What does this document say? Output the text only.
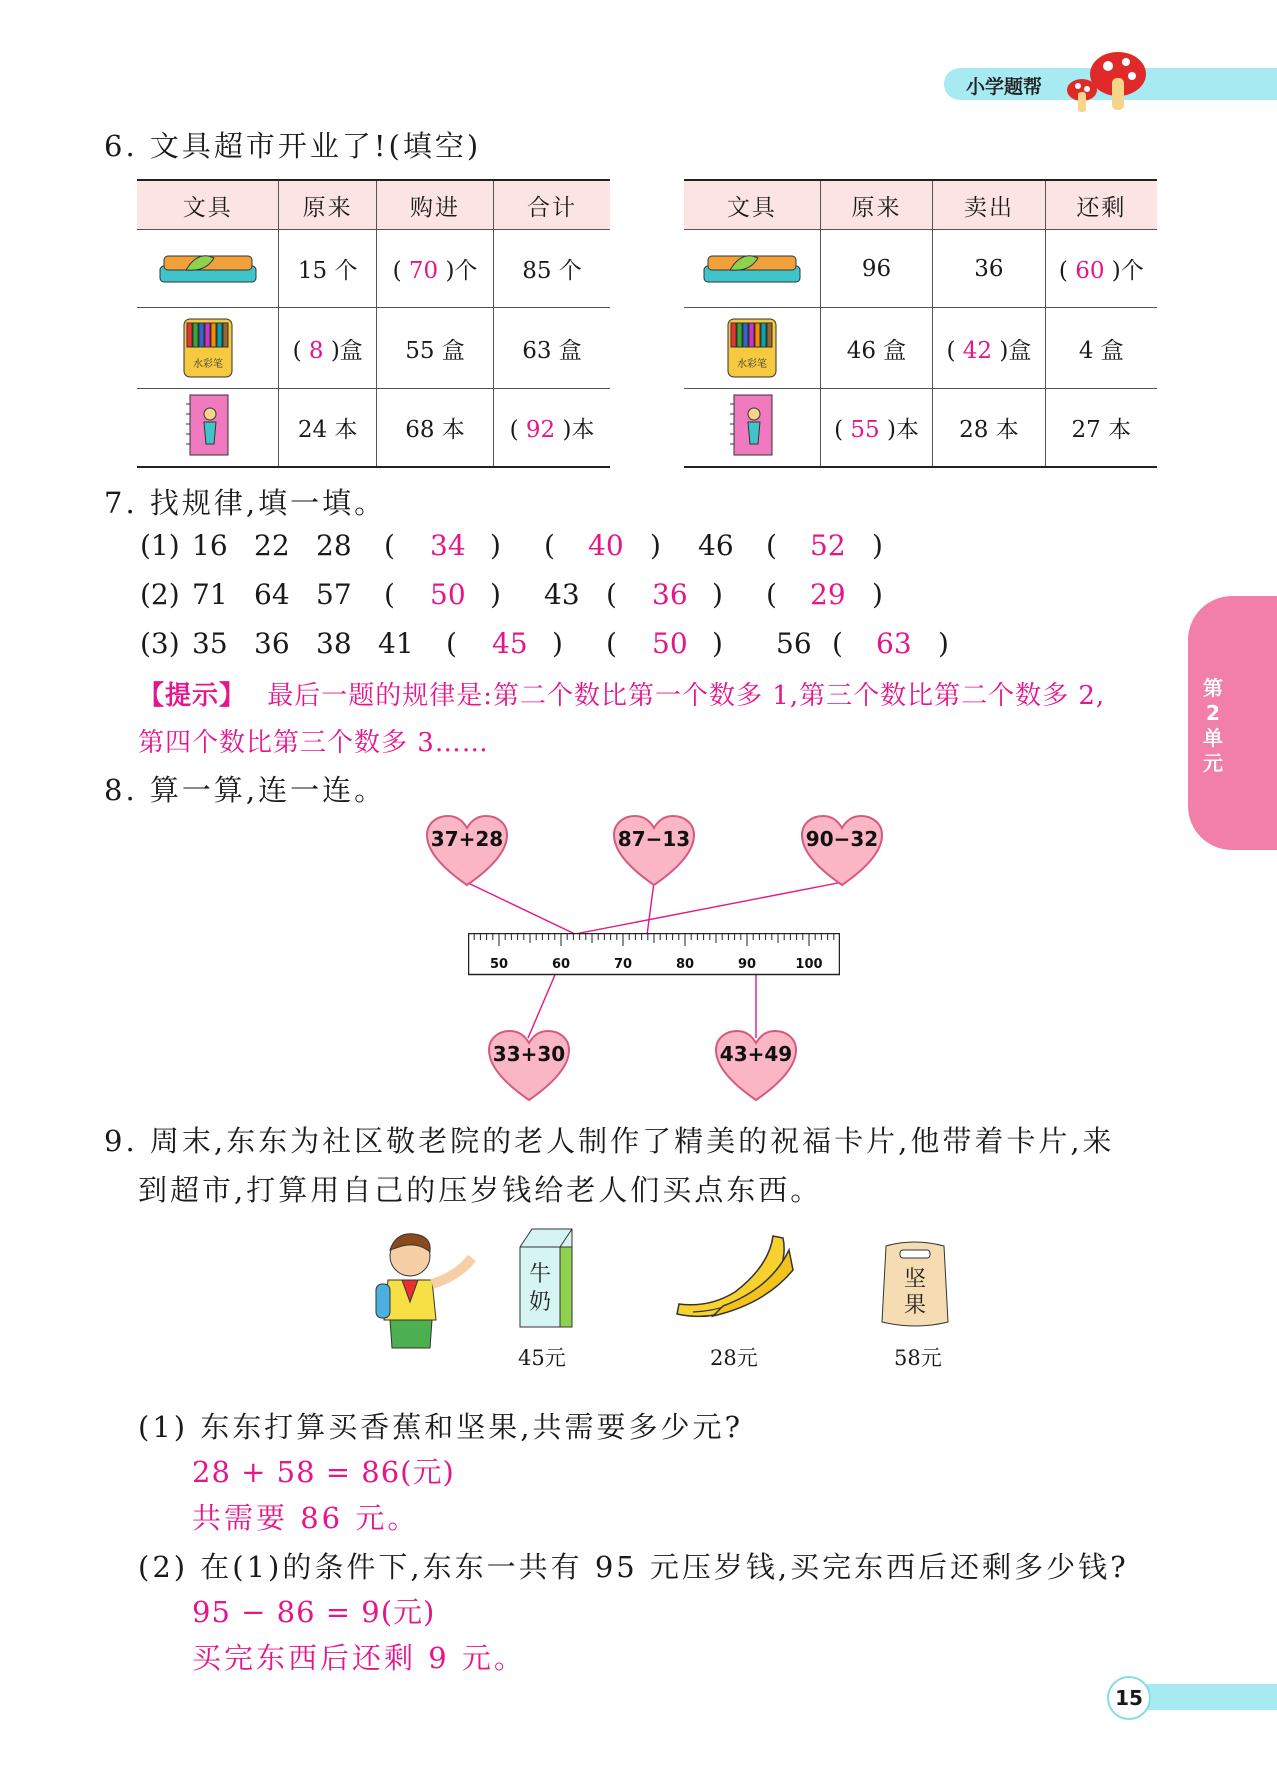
小学题帮
第
2
单
元
6. 文具超市开业了!(填空)
文具	原来	购进	合计
	15 个	( 70 )个	85 个

水彩笔	( 8 )盒	55 盒	63 盒
	24 本	68 本	( 92 )本
文具	原来	卖出	还剩
	96	36	( 60 )个

水彩笔	46 盒	( 42 )盒	4 盒
	( 55 )本	28 本	27 本
7. 找规律,填一填。
(1) 16 22 28 ( 34 ) ( 40 ) 46 ( 52 )
(2) 71 64 57 ( 50 ) 43 ( 36 ) ( 29 )
(3) 35 36 38 41 ( 45 ) ( 50 ) 56 ( 63 )
【提示】 最后一题的规律是:第二个数比第一个数多 1,第三个数比第二个数多 2,
第四个数比第三个数多 3……
8. 算一算,连一连。
37+28	87−13	90−32
50	60	70	80	90	100
33+30	43+49
9. 周末,东东为社区敬老院的老人制作了精美的祝福卡片,他带着卡片,来
到超市,打算用自己的压岁钱给老人们买点东西。
牛
奶
45元	28元
坚
果
58元
(1) 东东打算买香蕉和坚果,共需要多少元?
28 + 58 = 86(元)
共需要 86 元。
(2) 在(1)的条件下,东东一共有 95 元压岁钱,买完东西后还剩多少钱?
95 − 86 = 9(元)
买完东西后还剩 9 元。
15
